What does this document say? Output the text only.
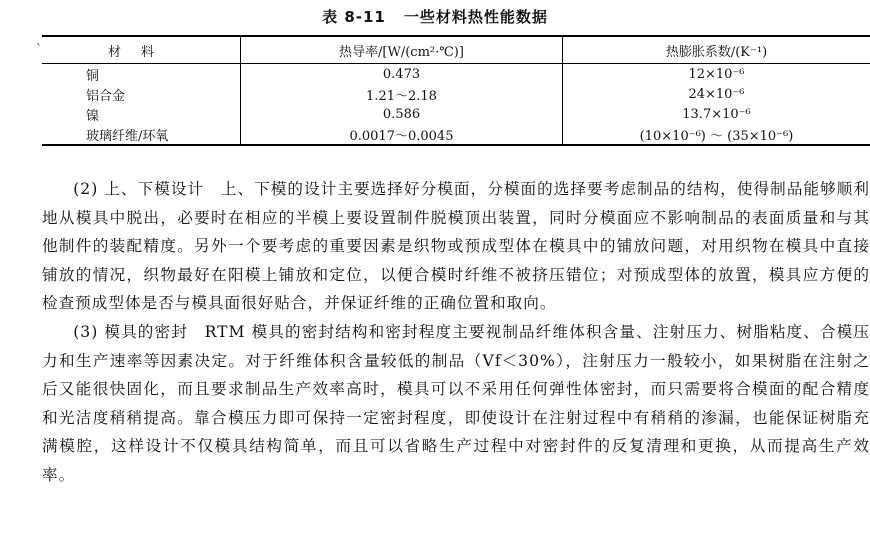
表 8-11 一些材料热性能数据
`	材料	热导率/[W/(cm²·℃)]	热膨胀系数/(K⁻¹)
铜	0.473	12×10⁻⁶
铝合金	1.21～2.18	24×10⁻⁶
镍	0.586	13.7×10⁻⁶
玻璃纤维/环氧	0.0017～0.0045	(10×10⁻⁶) ～ (35×10⁻⁶)

(2) 上、下模设计　上、下模的设计主要选择好分模面，分模面的选择要考虑制品的结构，使得制品能够顺利地从模具中脱出，必要时在相应的半模上要设置制件脱模顶出装置，同时分模面应不影响制品的表面质量和与其他制件的装配精度。另外一个要考虑的重要因素是织物或预成型体在模具中的铺放问题，对用织物在模具中直接铺放的情况，织物最好在阳模上铺放和定位，以便合模时纤维不被挤压错位；对预成型体的放置，模具应方便的检查预成型体是否与模具面很好贴合，并保证纤维的正确位置和取向。

(3) 模具的密封　RTM 模具的密封结构和密封程度主要视制品纤维体积含量、注射压力、树脂粘度、合模压力和生产速率等因素决定。对于纤维体积含量较低的制品（Vf＜30%），注射压力一般较小，如果树脂在注射之后又能很快固化，而且要求制品生产效率高时，模具可以不采用任何弹性体密封，而只需要将合模面的配合精度和光洁度稍稍提高。靠合模压力即可保持一定密封程度，即使设计在注射过程中有稍稍的渗漏，也能保证树脂充满模腔，这样设计不仅模具结构简单，而且可以省略生产过程中对密封件的反复清理和更换，从而提高生产效率。
